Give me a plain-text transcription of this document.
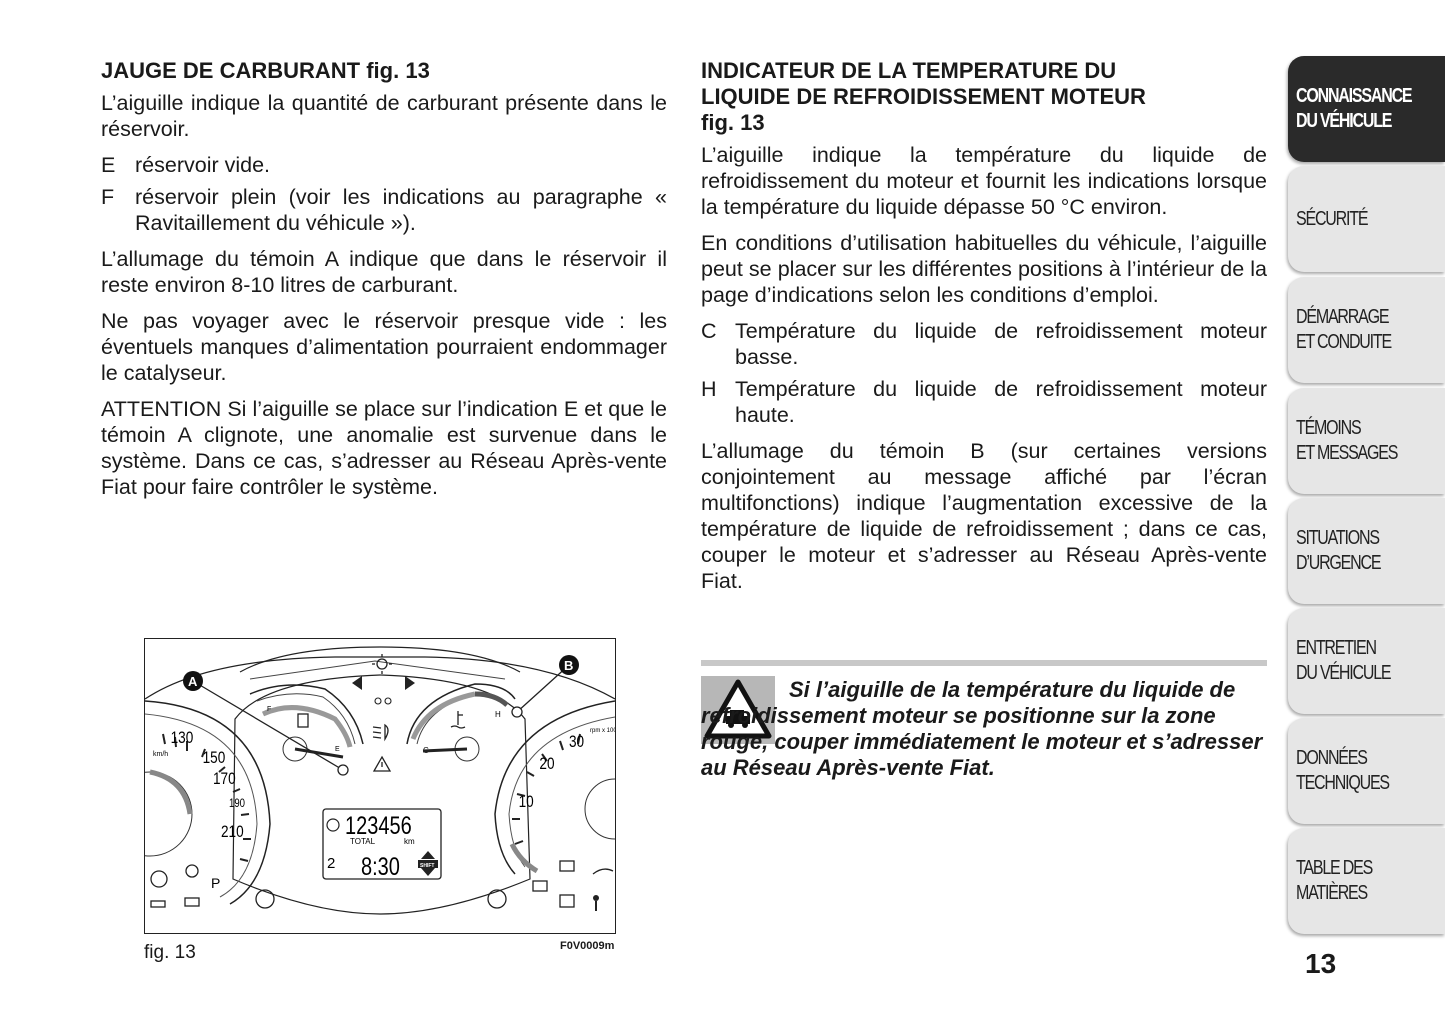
JAUGE DE CARBURANT fig. 13

L’aiguille indique la quantité de carburant présente dans le réservoir.

E réservoir vide.
F réservoir plein (voir les indications au paragraphe « Ravitaillement du véhicule »).

L’allumage du témoin A indique que dans le réservoir il reste environ 8-10 litres de carburant.

Ne pas voyager avec le réservoir presque vide : les éventuels manques d’alimentation pourraient endommager le catalyseur.

ATTENTION Si l’aiguille se place sur l’indication E et que le témoin A clignote, une anomalie est survenue dans le système. Dans ce cas, s’adresser au Réseau Après-vente Fiat pour faire contrôler le système.

INDICATEUR DE LA TEMPERATURE DU LIQUIDE DE REFROIDISSEMENT MOTEUR fig. 13

L’aiguille indique la température du liquide de refroidissement du moteur et fournit les indications lorsque la température du liquide dépasse 50 °C environ.

En conditions d’utilisation habituelles du véhicule, l’aiguille peut se placer sur les différentes positions à l’intérieur de la page d’indications selon les conditions d’emploi.

C Température du liquide de refroidissement moteur basse.
H Température du liquide de refroidissement moteur haute.

L’allumage du témoin B (sur certaines versions conjointement au message affiché par l’écran multifonctions) indique l’augmentation excessive de la température de liquide de refroidissement ; dans ce cas, couper le moteur et s’adresser au Réseau Après-vente Fiat.

Si l’aiguille de la température du liquide de refroidissement moteur se positionne sur la zone rouge, couper immédiatement le moteur et s’adresser au Réseau Après-vente Fiat.
130
150
170
190
210
km/h
F
E
H
30
20
10
rpm x 100
123456
TOTAL	km
2 8:30	SHIFT
P
A
B
fig. 13	F0V0009m
CONNAISSANCE
DU VÉHICULE
SÉCURITÉ
DÉMARRAGE
ET CONDUITE
TÉMOINS
ET MESSAGES
SITUATIONS
D’URGENCE
ENTRETIEN
DU VÉHICULE
DONNÉES
TECHNIQUES
TABLE DES
MATIÈRES
13
